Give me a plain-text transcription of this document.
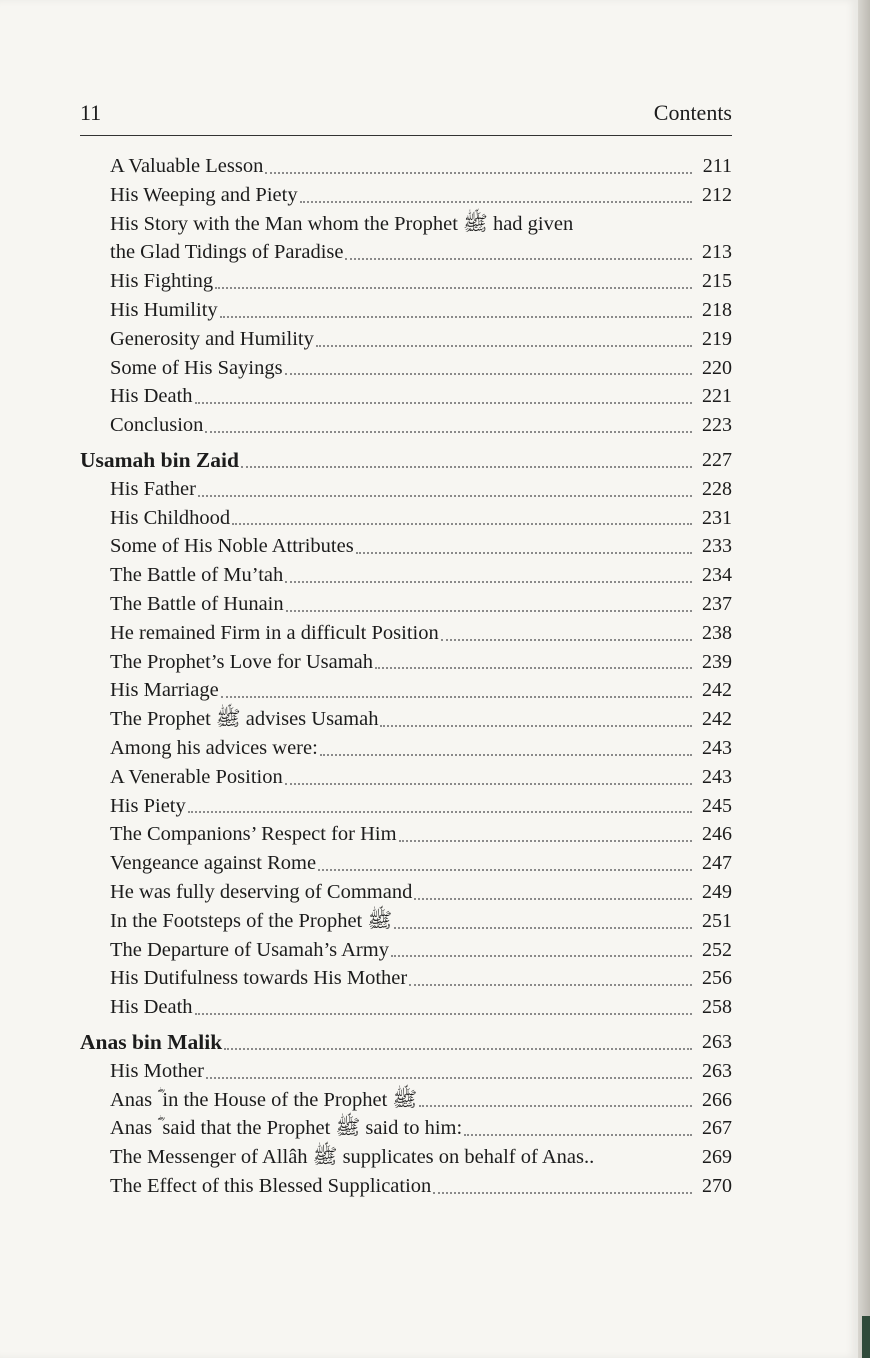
11	Contents
A Valuable Lesson	211
His Weeping and Piety	212
His Story with the Man whom the Prophet ﷺ had given
the Glad Tidings of Paradise	213
His Fighting	215
His Humility	218
Generosity and Humility	219
Some of His Sayings	220
His Death	221
Conclusion	223
Usamah bin Zaid	227
His Father	228
His Childhood	231
Some of His Noble Attributes	233
The Battle of Mu’tah	234
The Battle of Hunain	237
He remained Firm in a difficult Position	238
The Prophet’s Love for Usamah	239
His Marriage	242
The Prophet ﷺ advises Usamah	242
Among his advices were:	243
A Venerable Position	243
His Piety	245
The Companions’ Respect for Him	246
Vengeance against Rome	247
He was fully deserving of Command	249
In the Footsteps of the Prophet ﷺ	251
The Departure of Usamah’s Army	252
His Dutifulness towards His Mother	256
His Death	258
Anas bin Malik	263
His Mother	263
Anas ؓ in the House of the Prophet ﷺ	266
Anas ؓ said that the Prophet ﷺ said to him:	267
The Messenger of Allâh ﷺ supplicates on behalf of Anas..	269
The Effect of this Blessed Supplication	270
